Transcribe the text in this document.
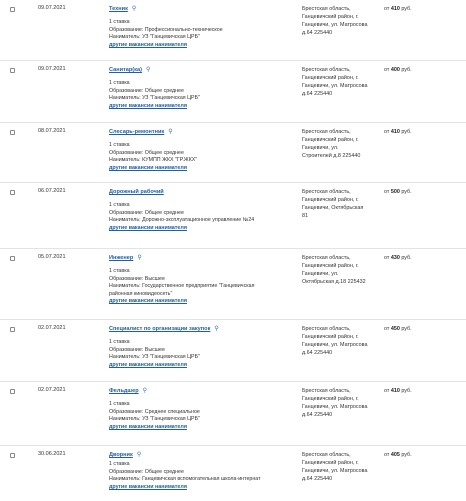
09.07.2021	Техник ⚲
1 ставка
Образование: Профессионально-техническое
Наниматель: УЗ "Ганцевичская ЦРБ"
другие вакансии нанимателя
Брестская область,
Ганцевичский район, г.
Ганцевичи, ул. Матросова
д.64 225440
от 410 руб.
09.07.2021	Санитар(ка) ⚲
1 ставка
Образование: Общее среднее
Наниматель: УЗ "Ганцевичская ЦРБ"
другие вакансии нанимателя
Брестская область,
Ганцевичский район, г.
Ганцевичи, ул. Матросова
д.64 225440
от 400 руб.
08.07.2021	Слесарь-ремонтник ⚲
1 ставка
Образование: Общее среднее
Наниматель: КУМПП ЖКХ "ГР.ЖКХ"
другие вакансии нанимателя
Брестская область,
Ганцевичский район, г.
Ганцевичи, ул.
Строителей д.8 225440
от 410 руб.
06.07.2021	Дорожный рабочий
1 ставка
Образование: Общее среднее
Наниматель: Дорожно-эксплуатационное управление №24
другие вакансии нанимателя
Брестская область,
Ганцевичский район, г.
Ганцевичи, Октябрьская
81
от 500 руб.
05.07.2021	Инженер ⚲
1 ставка
Образование: Высшее
Наниматель: Государственное предприятие "Ганцевичская
районная киновидеосеть"
другие вакансии нанимателя
Брестская область,
Ганцевичский район, г.
Ганцевичи, ул.
Октябрьская д.18 225432
от 430 руб.
02.07.2021	Специалист по организации закупок ⚲
1 ставка
Образование: Высшее
Наниматель: УЗ "Ганцевичская ЦРБ"
другие вакансии нанимателя
Брестская область,
Ганцевичский район, г.
Ганцевичи, ул. Матросова
д.64 225440
от 450 руб.
02.07.2021	Фельдшер ⚲
1 ставка
Образование: Среднее специальное
Наниматель: УЗ "Ганцевичская ЦРБ"
другие вакансии нанимателя
Брестская область,
Ганцевичский район, г.
Ганцевичи, ул. Матросова
д.64 225440
от 410 руб.
30.06.2021	Дворник ⚲
1 ставка
Образование: Общее среднее
Наниматель: Ганцевичская вспомогательная школа-интернат
другие вакансии нанимателя
Брестская область,
Ганцевичский район, г.
Ганцевичи, ул. Матросова
д.64 225440
от 405 руб.
